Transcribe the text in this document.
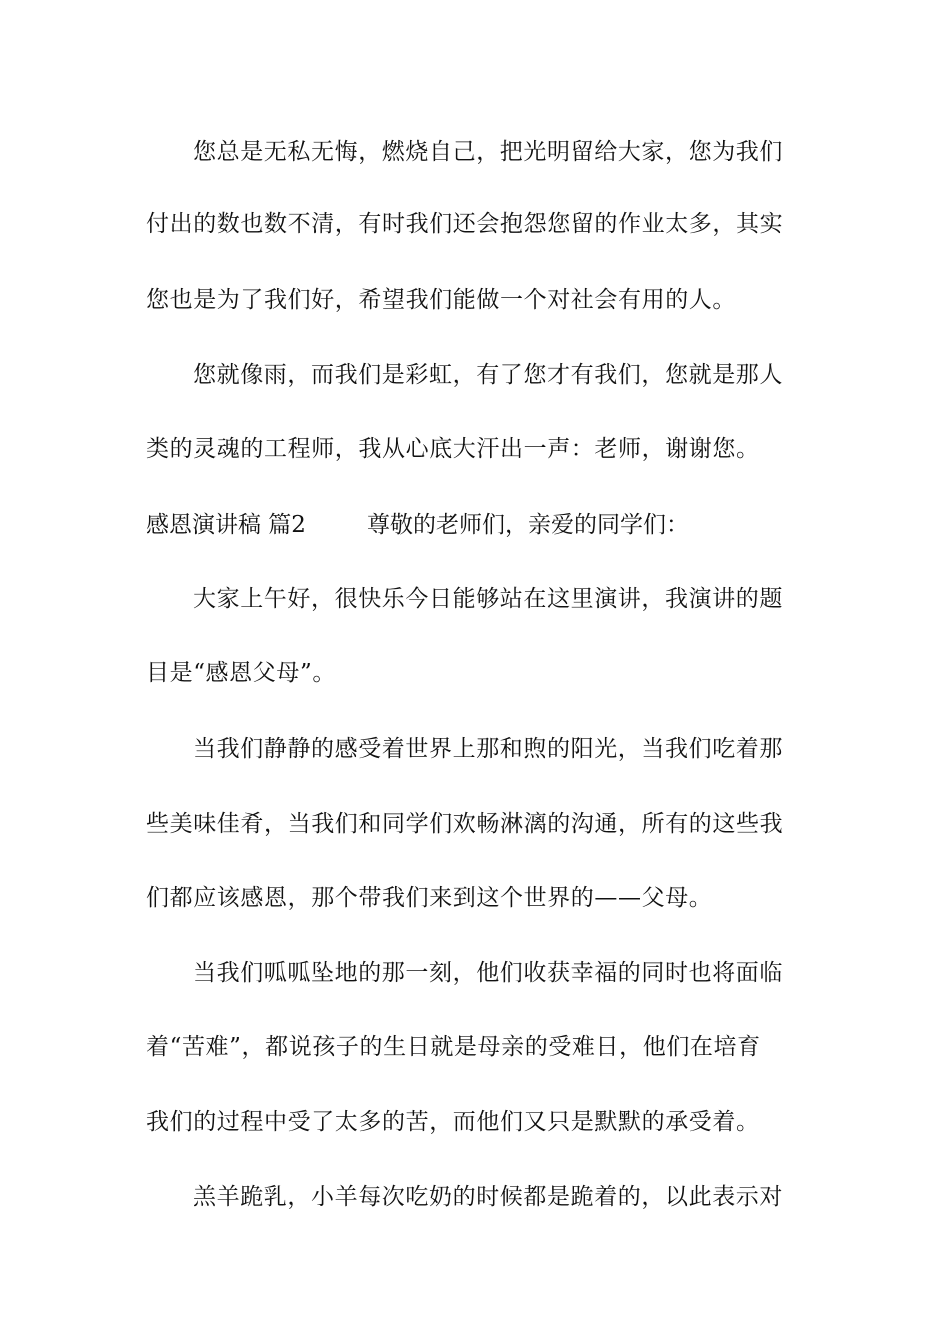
您总是无私无悔，燃烧自己，把光明留给大家，您为我们
付出的数也数不清，有时我们还会抱怨您留的作业太多，其实
您也是为了我们好，希望我们能做一个对社会有用的人。
您就像雨，而我们是彩虹，有了您才有我们，您就是那人
类的灵魂的工程师，我从心底大汗出一声：老师，谢谢您。
感恩演讲稿 篇2	尊敬的老师们，亲爱的同学们：
大家上午好，很快乐今日能够站在这里演讲，我演讲的题
目是“感恩父母”。
当我们静静的感受着世界上那和煦的阳光，当我们吃着那
些美味佳肴，当我们和同学们欢畅淋漓的沟通，所有的这些我
们都应该感恩，那个带我们来到这个世界的——父母。
当我们呱呱坠地的那一刻，他们收获幸福的同时也将面临
着“苦难”，都说孩子的生日就是母亲的受难日，他们在培育
我们的过程中受了太多的苦，而他们又只是默默的承受着。
羔羊跪乳，小羊每次吃奶的时候都是跪着的，以此表示对
